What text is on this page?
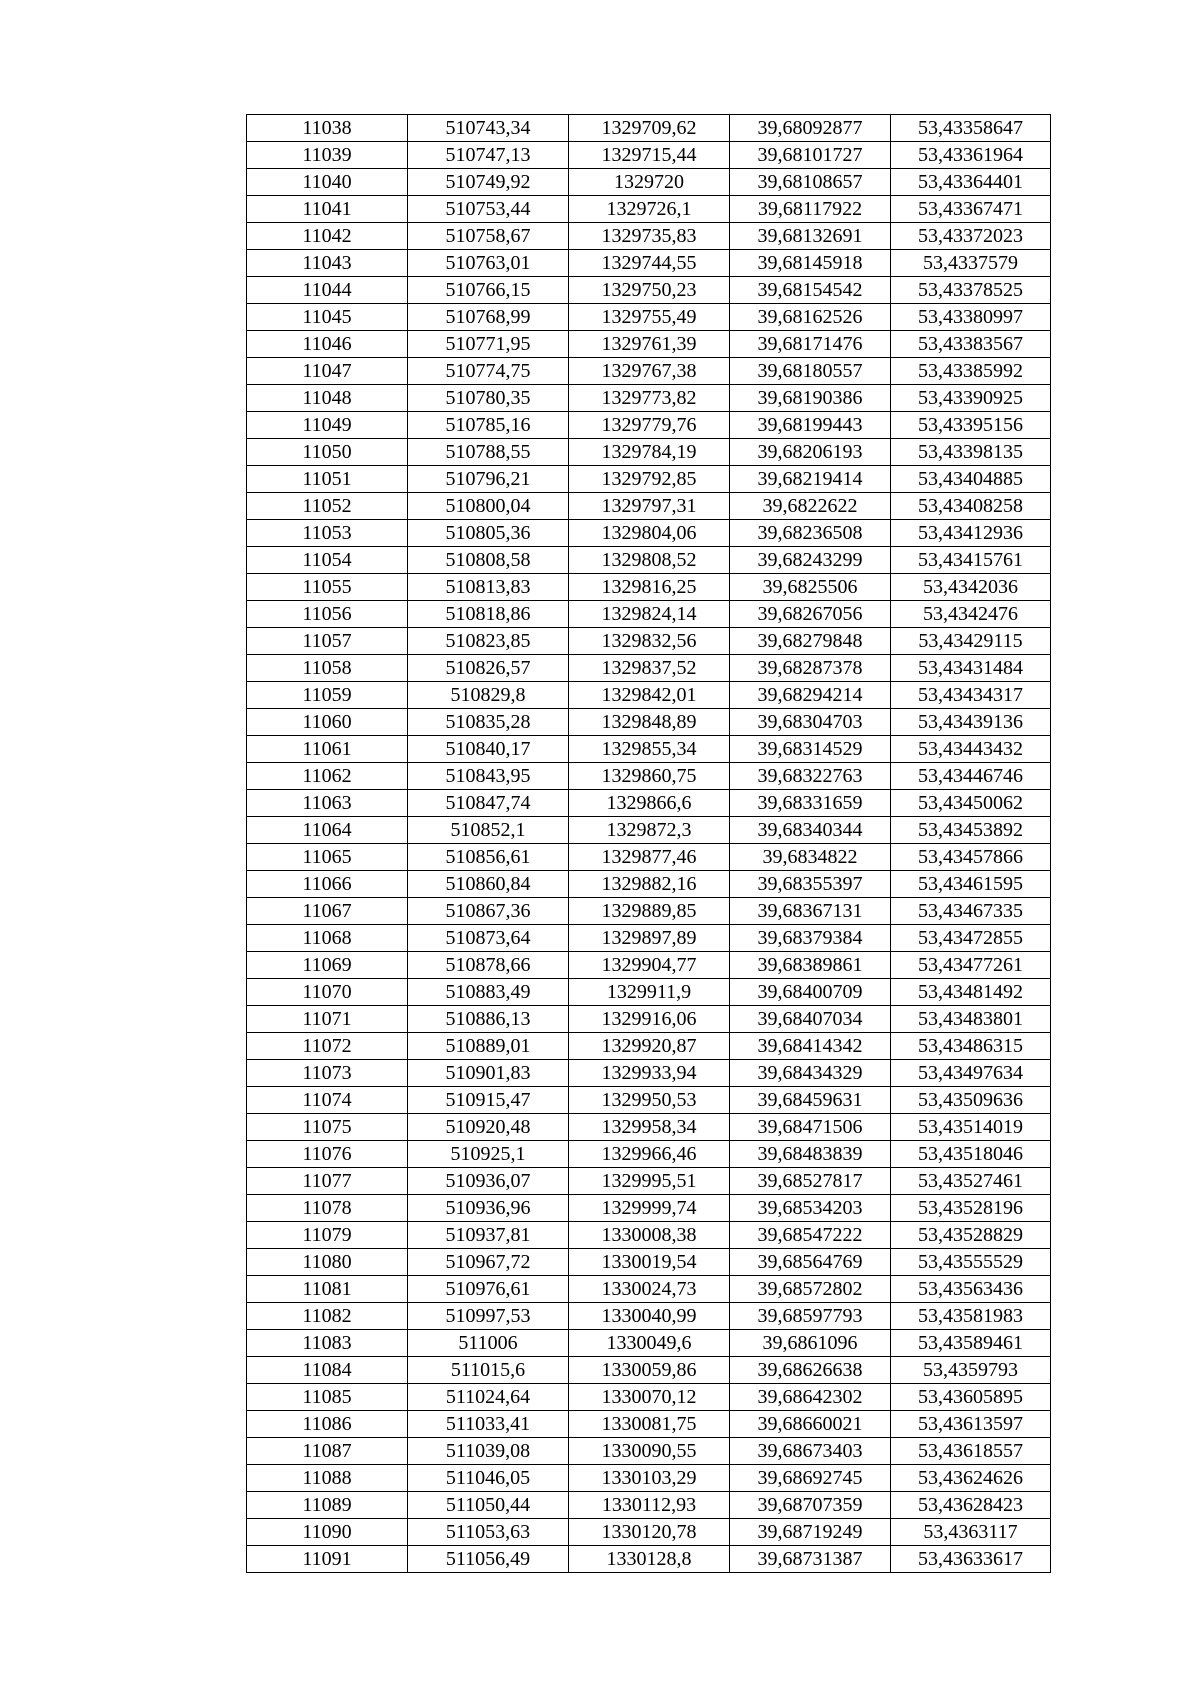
11038	510743,34	1329709,62	39,68092877	53,43358647
11039	510747,13	1329715,44	39,68101727	53,43361964
11040	510749,92	1329720	39,68108657	53,43364401
11041	510753,44	1329726,1	39,68117922	53,43367471
11042	510758,67	1329735,83	39,68132691	53,43372023
11043	510763,01	1329744,55	39,68145918	53,4337579
11044	510766,15	1329750,23	39,68154542	53,43378525
11045	510768,99	1329755,49	39,68162526	53,43380997
11046	510771,95	1329761,39	39,68171476	53,43383567
11047	510774,75	1329767,38	39,68180557	53,43385992
11048	510780,35	1329773,82	39,68190386	53,43390925
11049	510785,16	1329779,76	39,68199443	53,43395156
11050	510788,55	1329784,19	39,68206193	53,43398135
11051	510796,21	1329792,85	39,68219414	53,43404885
11052	510800,04	1329797,31	39,6822622	53,43408258
11053	510805,36	1329804,06	39,68236508	53,43412936
11054	510808,58	1329808,52	39,68243299	53,43415761
11055	510813,83	1329816,25	39,6825506	53,4342036
11056	510818,86	1329824,14	39,68267056	53,4342476
11057	510823,85	1329832,56	39,68279848	53,43429115
11058	510826,57	1329837,52	39,68287378	53,43431484
11059	510829,8	1329842,01	39,68294214	53,43434317
11060	510835,28	1329848,89	39,68304703	53,43439136
11061	510840,17	1329855,34	39,68314529	53,43443432
11062	510843,95	1329860,75	39,68322763	53,43446746
11063	510847,74	1329866,6	39,68331659	53,43450062
11064	510852,1	1329872,3	39,68340344	53,43453892
11065	510856,61	1329877,46	39,6834822	53,43457866
11066	510860,84	1329882,16	39,68355397	53,43461595
11067	510867,36	1329889,85	39,68367131	53,43467335
11068	510873,64	1329897,89	39,68379384	53,43472855
11069	510878,66	1329904,77	39,68389861	53,43477261
11070	510883,49	1329911,9	39,68400709	53,43481492
11071	510886,13	1329916,06	39,68407034	53,43483801
11072	510889,01	1329920,87	39,68414342	53,43486315
11073	510901,83	1329933,94	39,68434329	53,43497634
11074	510915,47	1329950,53	39,68459631	53,43509636
11075	510920,48	1329958,34	39,68471506	53,43514019
11076	510925,1	1329966,46	39,68483839	53,43518046
11077	510936,07	1329995,51	39,68527817	53,43527461
11078	510936,96	1329999,74	39,68534203	53,43528196
11079	510937,81	1330008,38	39,68547222	53,43528829
11080	510967,72	1330019,54	39,68564769	53,43555529
11081	510976,61	1330024,73	39,68572802	53,43563436
11082	510997,53	1330040,99	39,68597793	53,43581983
11083	511006	1330049,6	39,6861096	53,43589461
11084	511015,6	1330059,86	39,68626638	53,4359793
11085	511024,64	1330070,12	39,68642302	53,43605895
11086	511033,41	1330081,75	39,68660021	53,43613597
11087	511039,08	1330090,55	39,68673403	53,43618557
11088	511046,05	1330103,29	39,68692745	53,43624626
11089	511050,44	1330112,93	39,68707359	53,43628423
11090	511053,63	1330120,78	39,68719249	53,4363117
11091	511056,49	1330128,8	39,68731387	53,43633617
